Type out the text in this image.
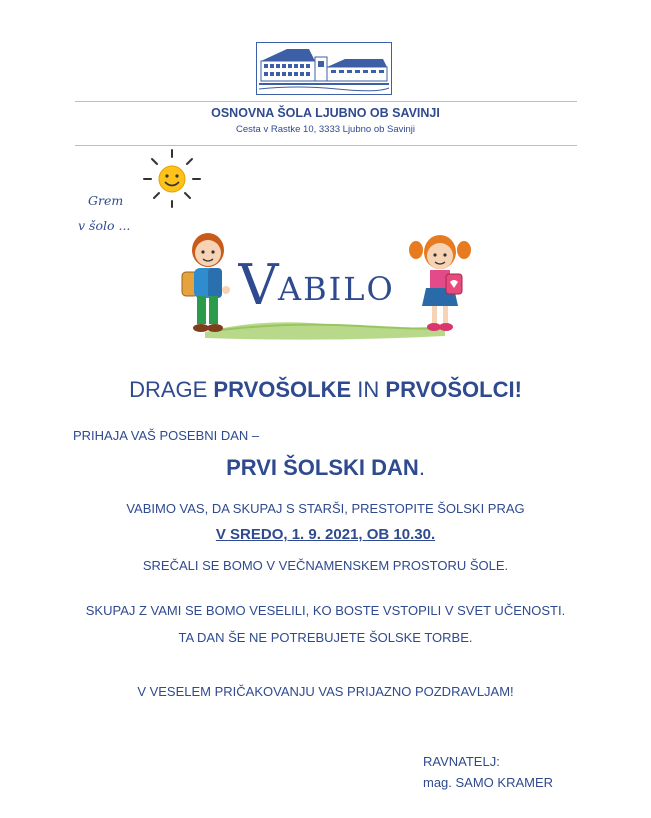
OSNOVNA ŠOLA LJUBNO OB SAVINJI
Cesta v Rastke 10, 3333 Ljubno ob Savinji
Grem
v šolo ...
V ABILO
DRAGE PRVOŠOLKE IN PRVOŠOLCI!
PRIHAJA VAŠ POSEBNI DAN –
PRVI ŠOLSKI DAN.
VABIMO VAS, DA SKUPAJ S STARŠI, PRESTOPITE ŠOLSKI PRAG
V SREDO, 1. 9. 2021, OB 10.30.
SREČALI SE BOMO V VEČNAMENSKEM PROSTORU ŠOLE.
SKUPAJ Z VAMI SE BOMO VESELILI, KO BOSTE VSTOPILI V SVET UČENOSTI.
TA DAN ŠE NE POTREBUJETE ŠOLSKE TORBE.
V VESELEM PRIČAKOVANJU VAS PRIJAZNO POZDRAVLJAM!
RAVNATELJ:
mag. SAMO KRAMER
